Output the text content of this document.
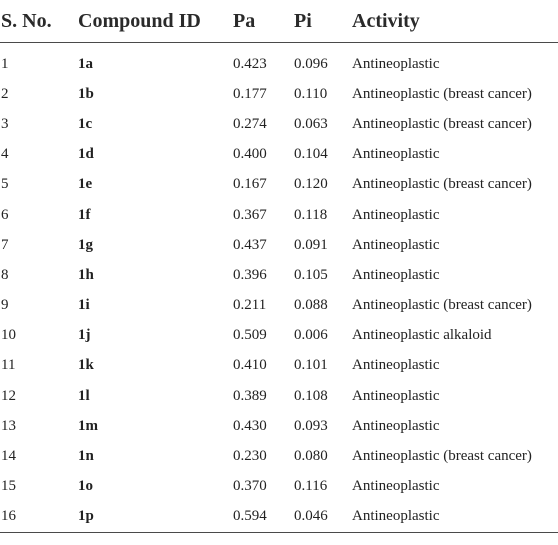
S. No.	Compound ID	Pa	Pi	Activity
1	1a	0.423	0.096	Antineoplastic
2	1b	0.177	0.110	Antineoplastic (breast cancer)
3	1c	0.274	0.063	Antineoplastic (breast cancer)
4	1d	0.400	0.104	Antineoplastic
5	1e	0.167	0.120	Antineoplastic (breast cancer)
6	1f	0.367	0.118	Antineoplastic
7	1g	0.437	0.091	Antineoplastic
8	1h	0.396	0.105	Antineoplastic
9	1i	0.211	0.088	Antineoplastic (breast cancer)
10	1j	0.509	0.006	Antineoplastic alkaloid
11	1k	0.410	0.101	Antineoplastic
12	1l	0.389	0.108	Antineoplastic
13	1m	0.430	0.093	Antineoplastic
14	1n	0.230	0.080	Antineoplastic (breast cancer)
15	1o	0.370	0.116	Antineoplastic
16	1p	0.594	0.046	Antineoplastic
